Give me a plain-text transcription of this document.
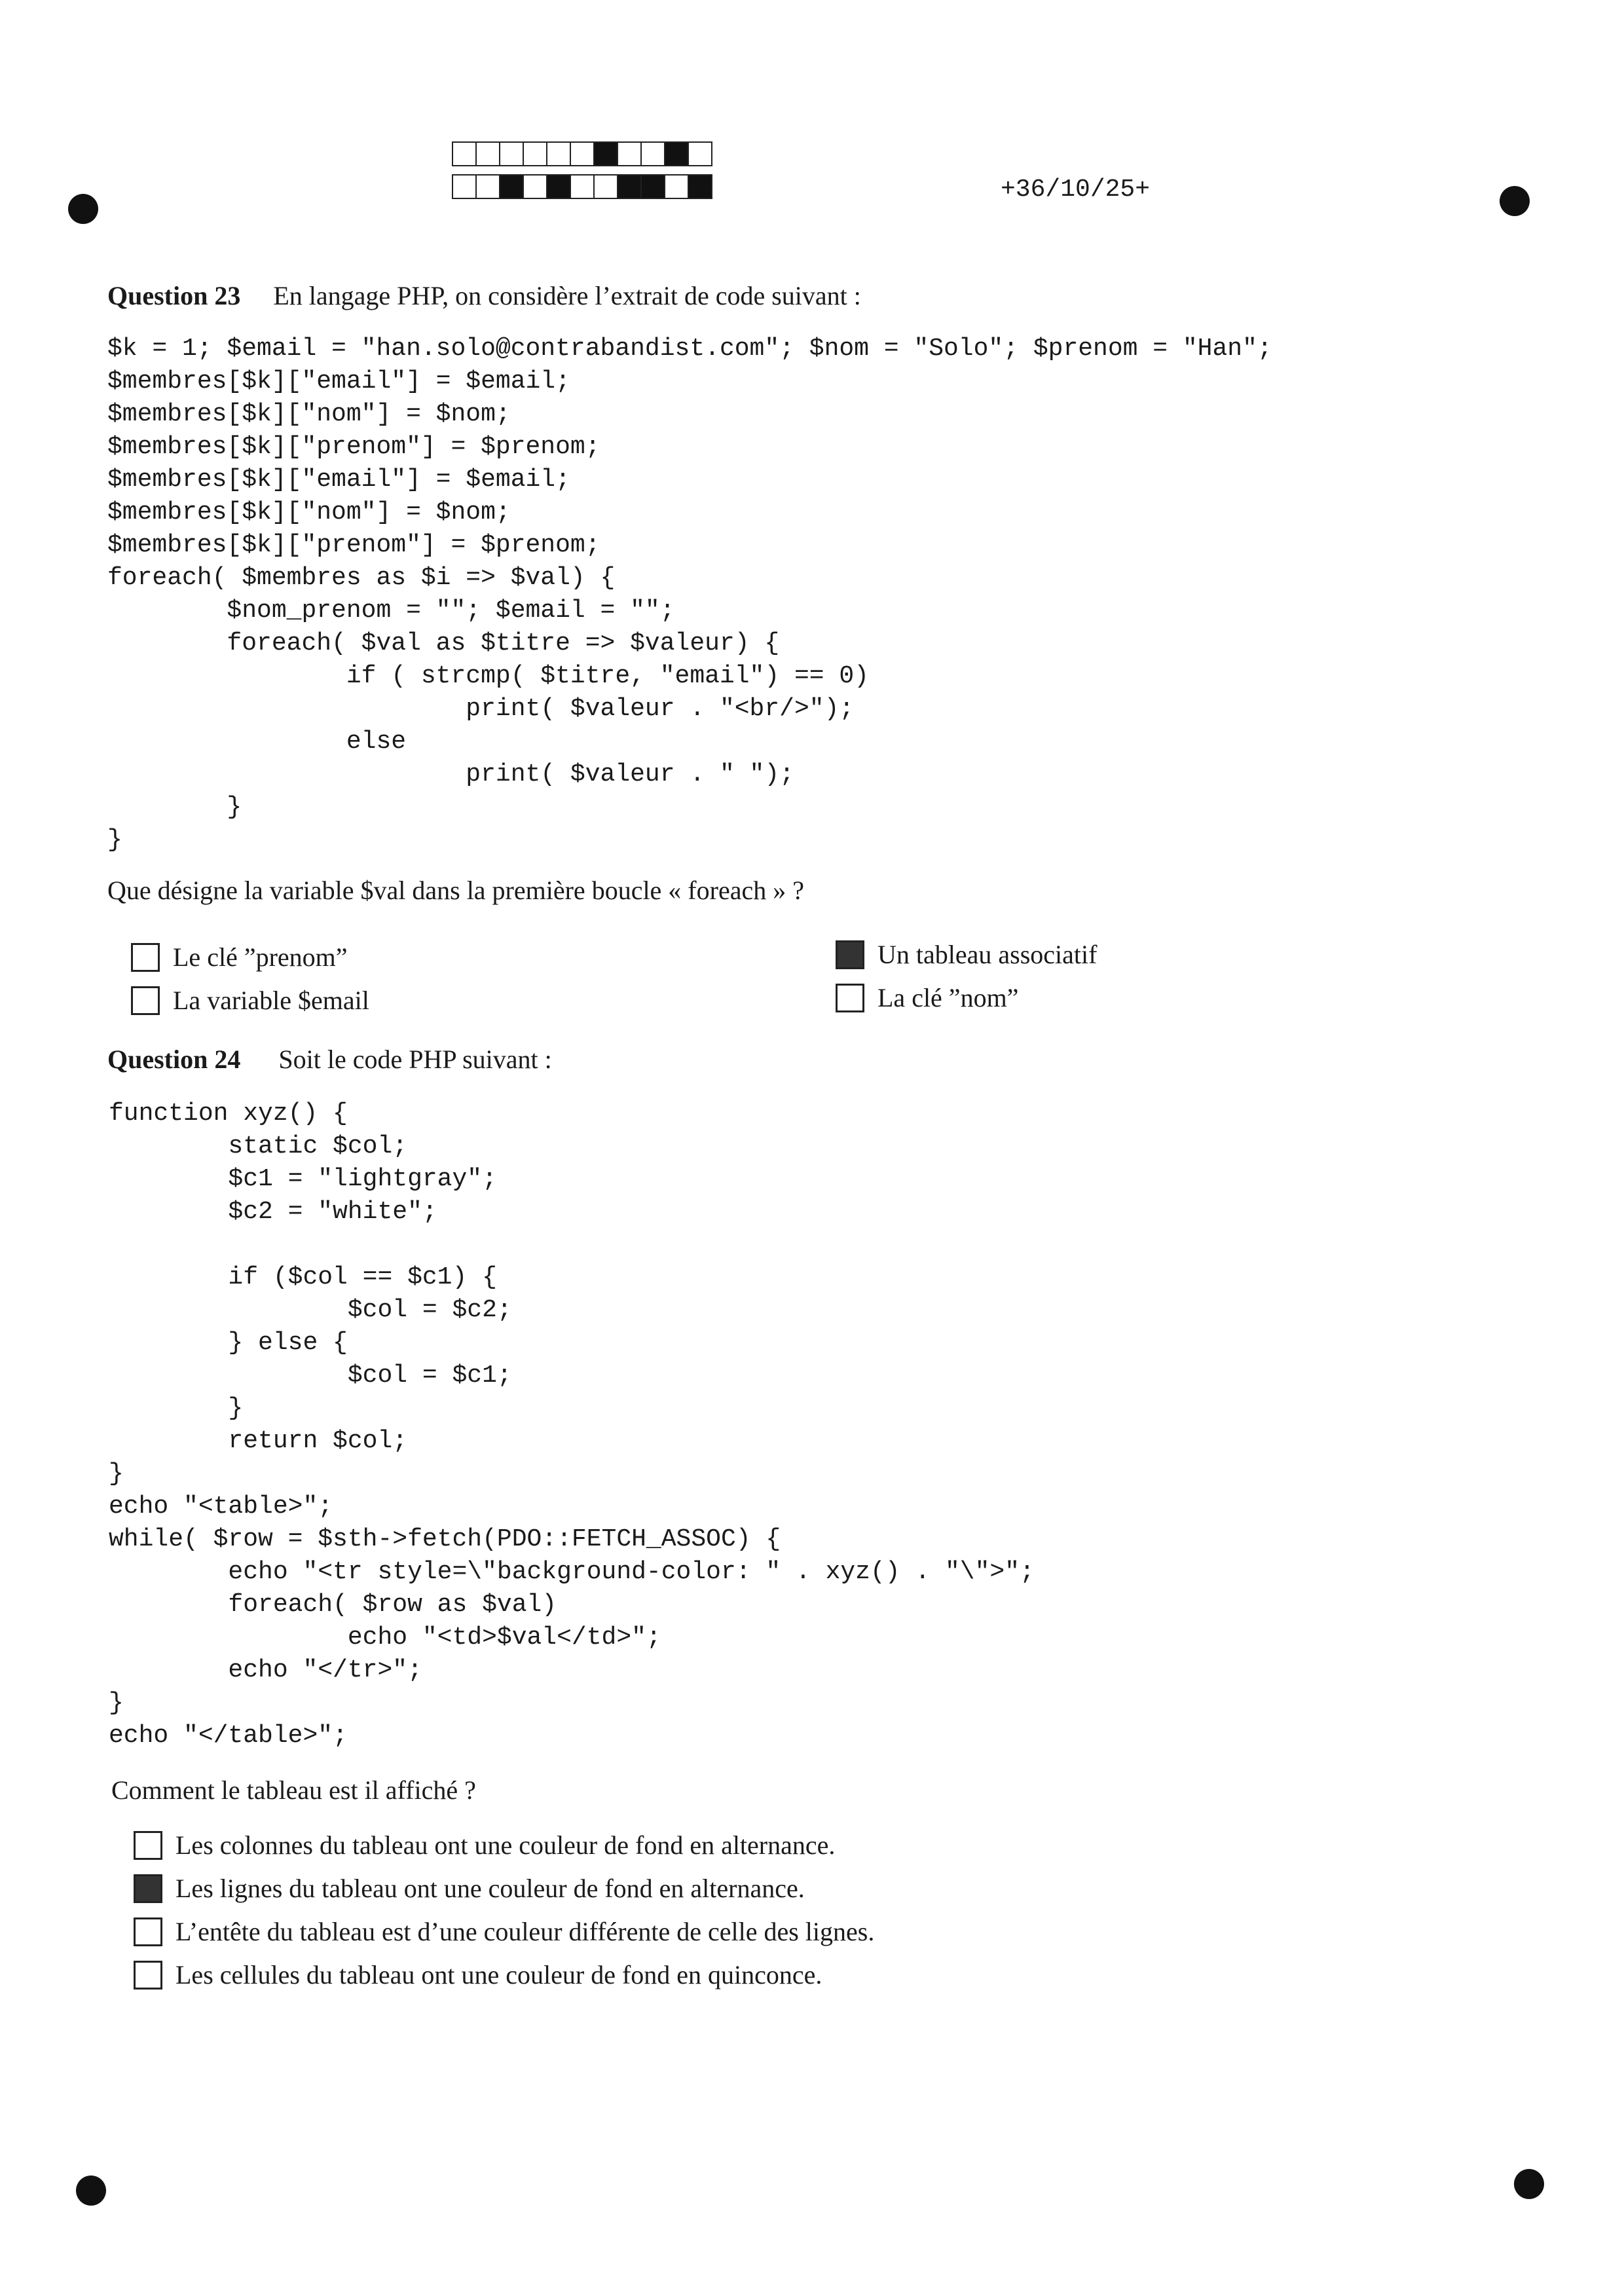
+36/10/25+
Question 23 En langage PHP, on considère l’extrait de code suivant :
$k = 1; $email = "han.solo@contrabandist.com"; $nom = "Solo"; $prenom = "Han";
$membres[$k]["email"] = $email;
$membres[$k]["nom"] = $nom;
$membres[$k]["prenom"] = $prenom;
$membres[$k]["email"] = $email;
$membres[$k]["nom"] = $nom;
$membres[$k]["prenom"] = $prenom;
foreach( $membres as $i => $val) {
$nom_prenom = ""; $email = "";
foreach( $val as $titre => $valeur) {
if ( strcmp( $titre, "email") == 0)
print( $valeur . "<br/>");
else
print( $valeur . " ");
}
}
Que désigne la variable $val dans la première boucle « foreach » ?
Le clé ”prenom”
La variable $email
Un tableau associatif
La clé ”nom”
Question 24 Soit le code PHP suivant :
function xyz() {
static $col;
$c1 = "lightgray";
$c2 = "white";

if ($col == $c1) {
$col = $c2;
} else {
$col = $c1;
}
return $col;
}
echo "<table>";
while( $row = $sth->fetch(PDO::FETCH_ASSOC) {
echo "<tr style=\"background-color: " . xyz() . "\">";
foreach( $row as $val)
echo "<td>$val</td>";
echo "</tr>";
}
echo "</table>";
Comment le tableau est il affiché ?
Les colonnes du tableau ont une couleur de fond en alternance.
Les lignes du tableau ont une couleur de fond en alternance.
L’entête du tableau est d’une couleur différente de celle des lignes.
Les cellules du tableau ont une couleur de fond en quinconce.
